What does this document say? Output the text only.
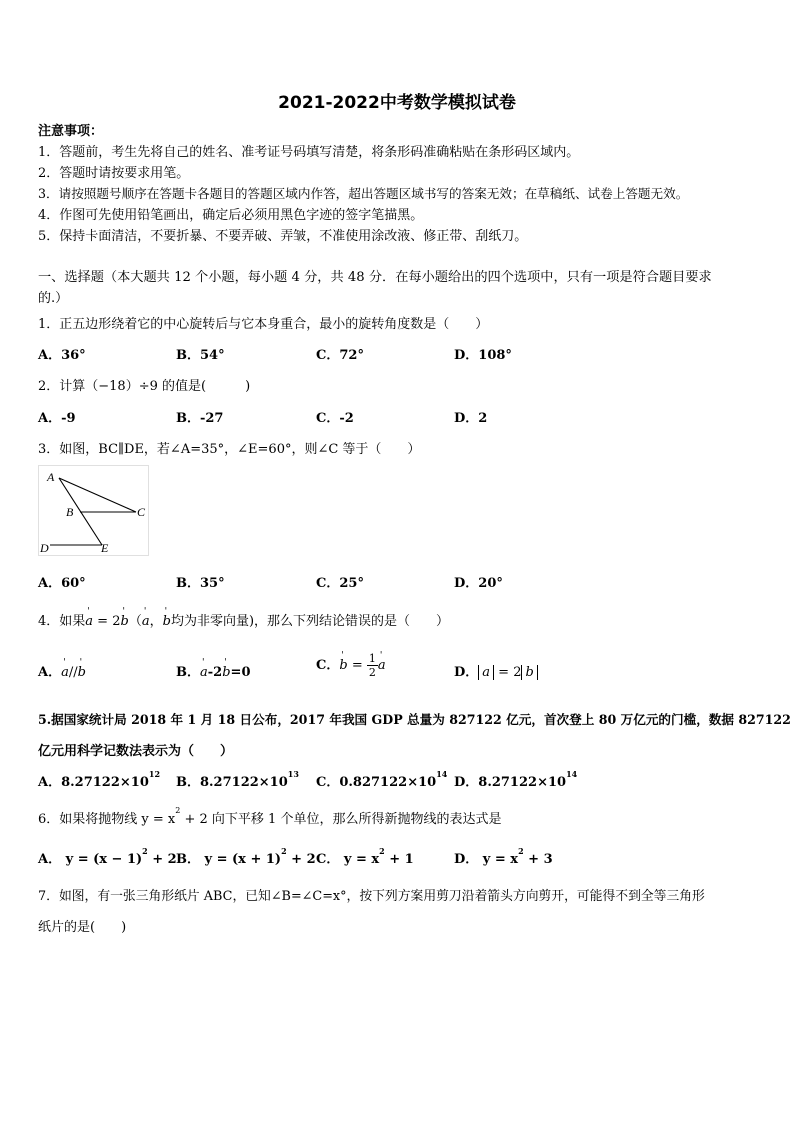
2021-2022中考数学模拟试卷
注意事项：
1．答题前，考生先将自己的姓名、准考证号码填写清楚，将条形码准确粘贴在条形码区域内。
2．答题时请按要求用笔。
3．请按照题号顺序在答题卡各题目的答题区域内作答，超出答题区域书写的答案无效；在草稿纸、试卷上答题无效。
4．作图可先使用铅笔画出，确定后必须用黑色字迹的签字笔描黑。
5．保持卡面清洁，不要折暴、不要弄破、弄皱，不准使用涂改液、修正带、刮纸刀。
一、选择题（本大题共 12 个小题，每小题 4 分，共 48 分．在每小题给出的四个选项中，只有一项是符合题目要求
的.）
1．正五边形绕着它的中心旋转后与它本身重合，最小的旋转角度数是（　　）
A．36°	B．54°	C．72°	D．108°
2．计算（−18）÷9 的值是(　　　)
A．-9	B．-27	C．-2	D．2
3．如图，BC∥DE，若∠A=35°，∠E=60°，则∠C 等于（　　）
A
B	C
D	E
A．60°	B．35°	C．25°	D．20°
4．如果' a = 2' b（' a，' b均为非零向量)，那么下列结论错误的是（　　）
A．' a//' b	B．' a-2' b=0	C．' $b = \frac{1}{2}$
' a	D． a = 2 b
5.据国家统计局 2018 年 1 月 18 日公布，2017 年我国 GDP 总量为 827122 亿元，首次登上 80 万亿元的门槛，数据 827122
亿元用科学记数法表示为（　　）
A．$8.27122\times 10^{12}$
B．$8.27122\times 10^{13}$
C．$0.827122\times 10^{14}$
D．$8.27122\times 10^{14}$
6．如果将抛物线 $y = x^2 + 2$ 向下平移 1 个单位，那么所得新抛物线的表达式是
A． $y = (x - 1)^2 + 2$ B． $y = (x + 1)^2 + 2$ C． $y = x^2 + 1$	D． $y = x^2 + 3$
7．如图，有一张三角形纸片 ABC，已知∠B=∠C=x°，按下列方案用剪刀沿着箭头方向剪开，可能得不到全等三角形
纸片的是(　　)
